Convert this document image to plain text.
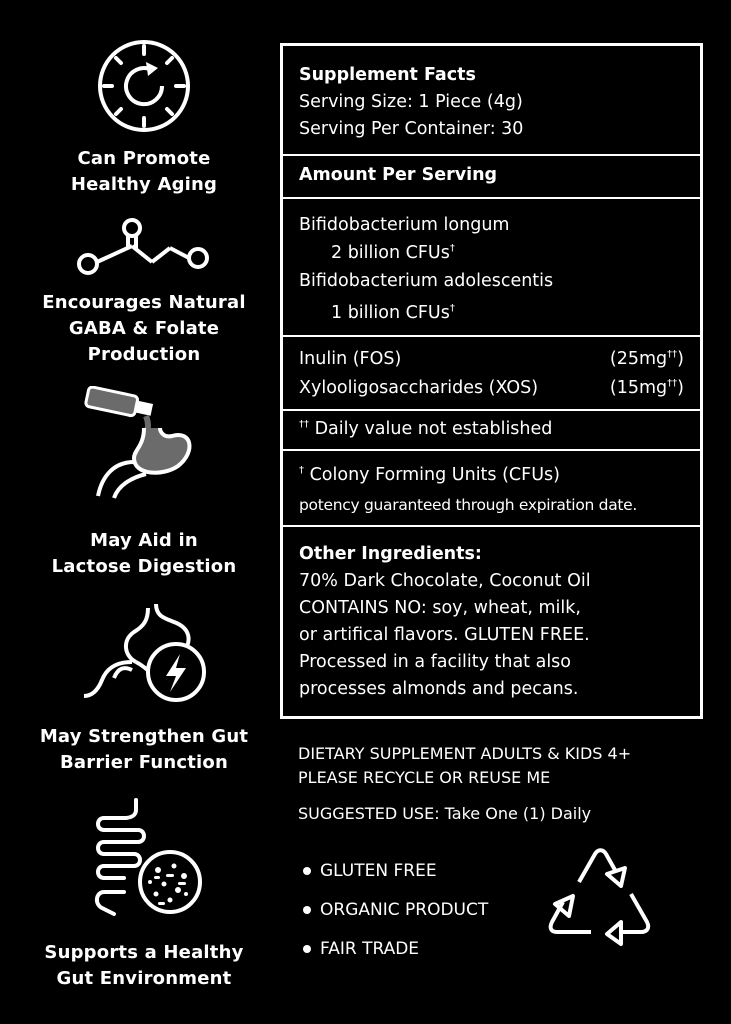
Can Promote
Healthy Aging
Encourages Natural
GABA & Folate
Production
May Aid in
Lactose Digestion
May Strengthen Gut
Barrier Function
Supports a Healthy
Gut Environment
Supplement Facts
Serving Size: 1 Piece (4g)
Serving Per Container: 30
Amount Per Serving
Bifidobacterium longum
2 billion CFUs†
Bifidobacterium adolescentis
1 billion CFUs†
Inulin (FOS)	(25mg††)
Xylooligosaccharides (XOS)	(15mg††)
†† Daily value not established
† Colony Forming Units (CFUs)
potency guaranteed through expiration date.
Other Ingredients:
70% Dark Chocolate, Coconut Oil
CONTAINS NO: soy, wheat, milk,
or artifical flavors. GLUTEN FREE.
Processed in a facility that also
processes almonds and pecans.
DIETARY SUPPLEMENT ADULTS & KIDS 4+
PLEASE RECYCLE OR REUSE ME
SUGGESTED USE: Take One (1) Daily
GLUTEN FREE
ORGANIC PRODUCT
FAIR TRADE
